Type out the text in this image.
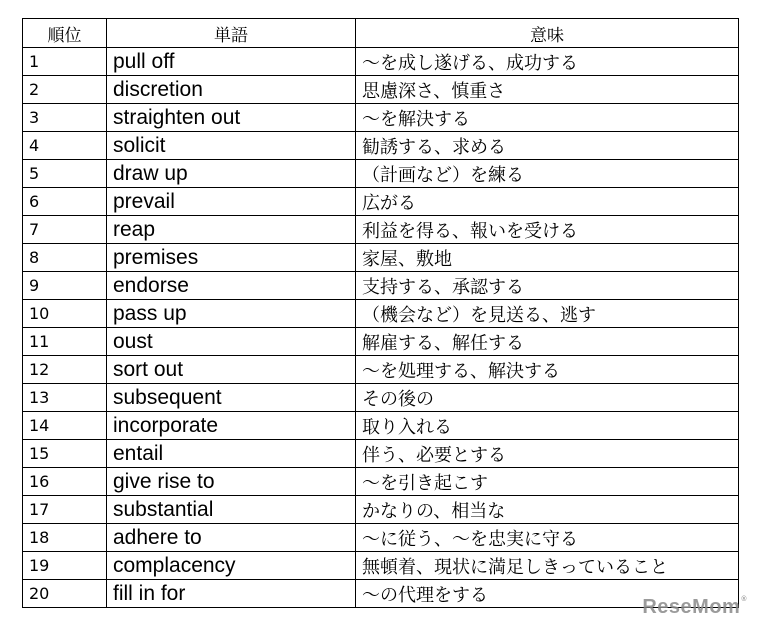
順位	単語	意味
1	pull off	～を成し遂げる、成功する
2	discretion	思慮深さ、慎重さ
3	straighten out	～を解決する
4	solicit	勧誘する、求める
5	draw up	（計画など）を練る
6	prevail	広がる
7	reap	利益を得る、報いを受ける
8	premises	家屋、敷地
9	endorse	支持する、承認する
10	pass up	（機会など）を見送る、逃す
11	oust	解雇する、解任する
12	sort out	～を処理する、解決する
13	subsequent	その後の
14	incorporate	取り入れる
15	entail	伴う、必要とする
16	give rise to	～を引き起こす
17	substantial	かなりの、相当な
18	adhere to	～に従う、～を忠実に守る
19	complacency	無頓着、現状に満足しきっていること
20	fill in for	～の代理をする
ReseMom®
